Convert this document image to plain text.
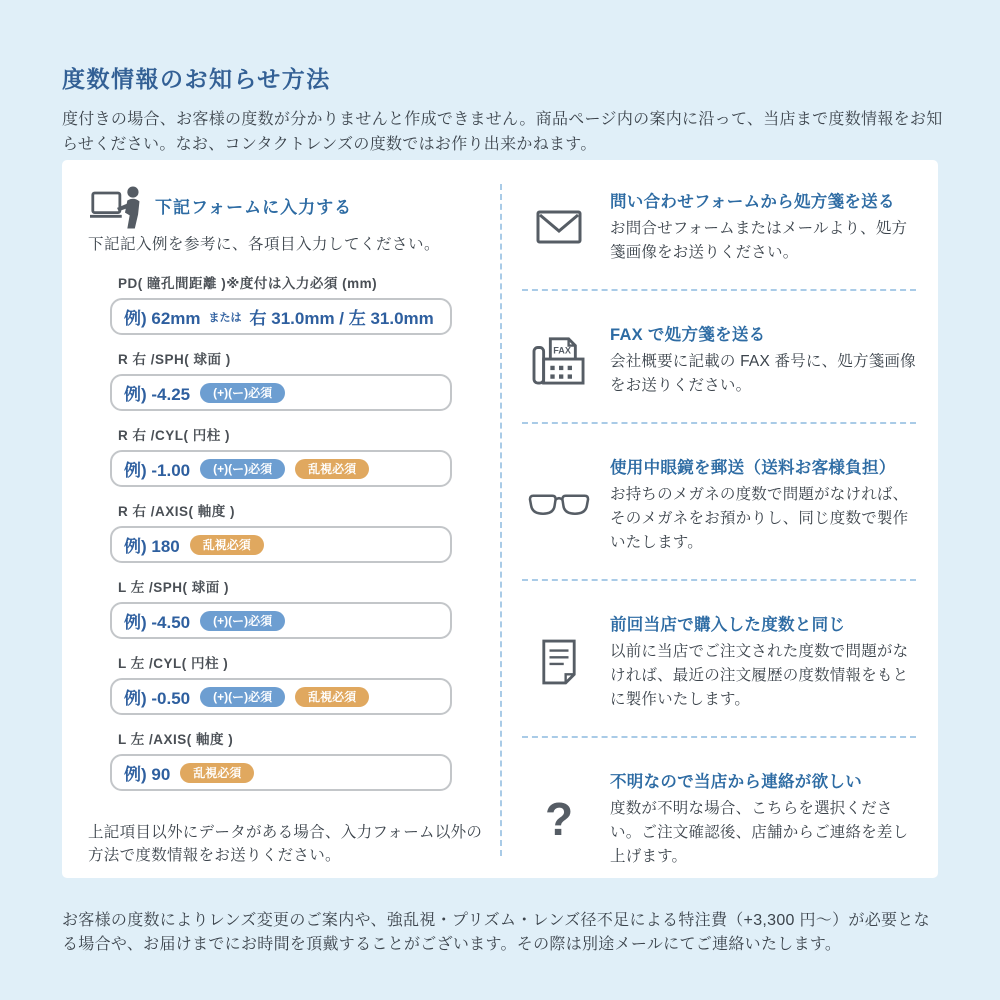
度数情報のお知らせ方法

度付きの場合、お客様の度数が分かりませんと作成できません。商品ページ内の案内に沿って、当店まで度数情報をお知らせください。なお、コンタクトレンズの度数ではお作り出来かねます。

下記フォームに入力する
下記記入例を参考に、各項目入力してください。
PD( 瞳孔間距離 )※度付は入力必須 (mm)
例) 62mm または 右 31.0mm / 左 31.0mm
R 右 /SPH( 球面 )
例) -4.25	(+)(ー)必須
R 右 /CYL( 円柱 )
例) -1.00	(+)(ー)必須	乱視必須
R 右 /AXIS( 軸度 )
例) 180	乱視必須
L 左 /SPH( 球面 )
例) -4.50	(+)(ー)必須
L 左 /CYL( 円柱 )
例) -0.50	(+)(ー)必須	乱視必須
L 左 /AXIS( 軸度 )
例) 90	乱視必須

上記項目以外にデータがある場合、入力フォーム以外の方法で度数情報をお送りください。

問い合わせフォームから処方箋を送る

お問合せフォームまたはメールより、処方箋画像をお送りください。

FAX

FAX で処方箋を送る

会社概要に記載の FAX 番号に、処方箋画像をお送りください。

使用中眼鏡を郵送（送料お客様負担）

お持ちのメガネの度数で問題がなければ、そのメガネをお預かりし、同じ度数で製作いたします。

前回当店で購入した度数と同じ

以前に当店でご注文された度数で問題がなければ、最近の注文履歴の度数情報をもとに製作いたします。

?

不明なので当店から連絡が欲しい

度数が不明な場合、こちらを選択ください。ご注文確認後、店舗からご連絡を差し上げます。

お客様の度数によりレンズ変更のご案内や、強乱視・プリズム・レンズ径不足による特注費（+3,300 円～）が必要となる場合や、お届けまでにお時間を頂戴することがございます。その際は別途メールにてご連絡いたします。
